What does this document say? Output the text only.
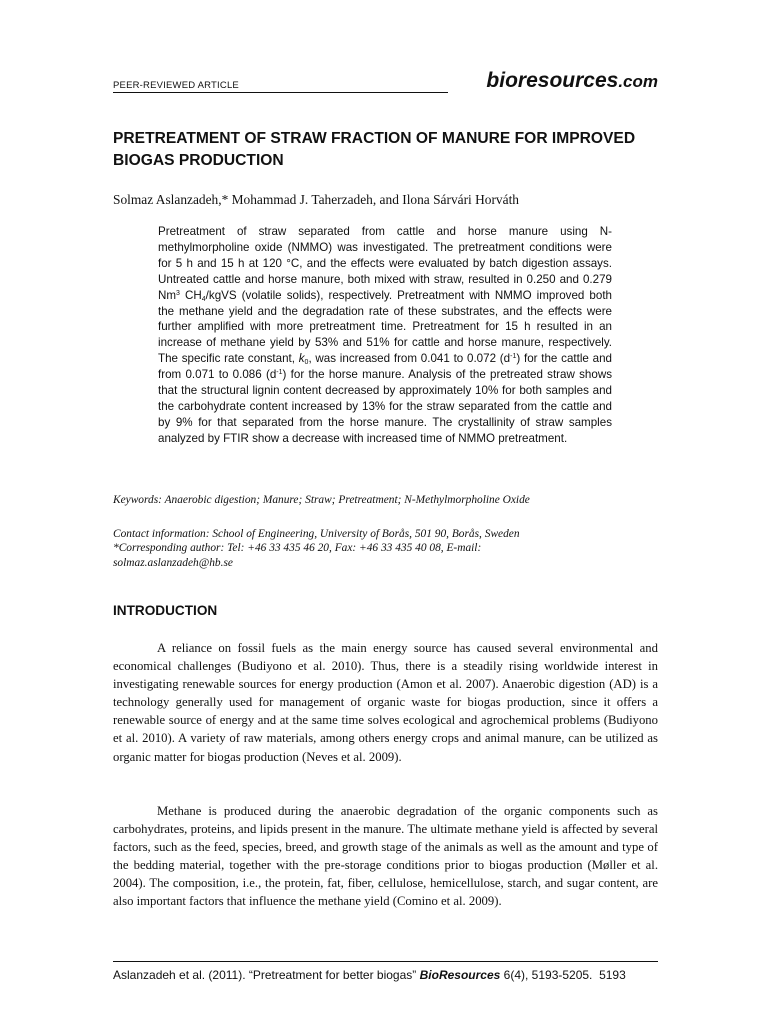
PEER-REVIEWED ARTICLE	bioresources.com
PRETREATMENT OF STRAW FRACTION OF MANURE FOR IMPROVED BIOGAS PRODUCTION
Solmaz Aslanzadeh,* Mohammad J. Taherzadeh, and Ilona Sárvári Horváth

Pretreatment of straw separated from cattle and horse manure using N-methylmorpholine oxide (NMMO) was investigated. The pretreatment conditions were for 5 h and 15 h at 120 °C, and the effects were evaluated by batch digestion assays. Untreated cattle and horse manure, both mixed with straw, resulted in 0.250 and 0.279 Nm$^3$ $CH_4$/kgVS (volatile solids), respectively. Pretreatment with NMMO improved both the methane yield and the degradation rate of these substrates, and the effects were further amplified with more pretreatment time. Pretreatment for 15 h resulted in an increase of methane yield by 53% and 51% for cattle and horse manure, respectively. The specific rate constant, $k_0$, was increased from 0.041 to 0.072 $(d^{-1})$ for the cattle and from 0.071 to 0.086 $(d^{-1})$ for the horse manure. Analysis of the pretreated straw shows that the structural lignin content decreased by approximately 10% for both samples and the carbohydrate content increased by 13% for the straw separated from the cattle and by 9% for that separated from the horse manure. The crystallinity of straw samples analyzed by FTIR show a decrease with increased time of NMMO pretreatment.

Keywords: Anaerobic digestion; Manure; Straw; Pretreatment; N-Methylmorpholine Oxide

Contact information: School of Engineering, University of Borås, 501 90, Borås, Sweden
*Corresponding author: Tel: +46 33 435 46 20, Fax: +46 33 435 40 08, E-mail:
solmaz.aslanzadeh@hb.se

INTRODUCTION

A reliance on fossil fuels as the main energy source has caused several environmental and economical challenges (Budiyono et al. 2010). Thus, there is a steadily rising worldwide interest in investigating renewable sources for energy production (Amon et al. 2007). Anaerobic digestion (AD) is a technology generally used for management of organic waste for biogas production, since it offers a renewable source of energy and at the same time solves ecological and agrochemical problems (Budiyono et al. 2010). A variety of raw materials, among others energy crops and animal manure, can be utilized as organic matter for biogas production (Neves et al. 2009).

Methane is produced during the anaerobic degradation of the organic components such as carbohydrates, proteins, and lipids present in the manure. The ultimate methane yield is affected by several factors, such as the feed, species, breed, and growth stage of the animals as well as the amount and type of the bedding material, together with the pre-storage conditions prior to biogas production (Møller et al. 2004). The composition, i.e., the protein, fat, fiber, cellulose, hemicellulose, starch, and sugar content, are also important factors that influence the methane yield (Comino et al. 2009).

Aslanzadeh et al. (2011). “Pretreatment for better biogas” BioResources 6(4), 5193-5205. 5193
